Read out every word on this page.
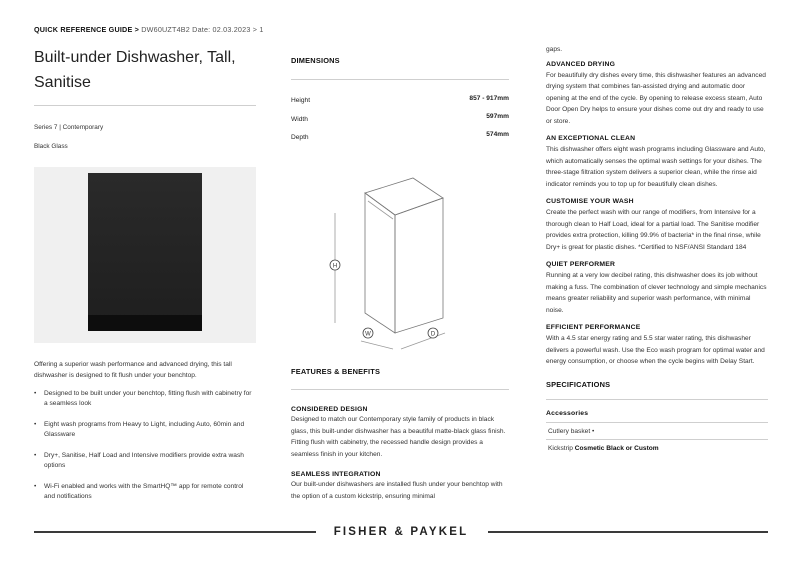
QUICK REFERENCE GUIDE > DW60UZT4B2 Date: 02.03.2023 > 1
Built-under Dishwasher, Tall, Sanitise
Series 7 | Contemporary
Black Glass
Offering a superior wash performance and advanced drying, this tall dishwasher is designed to fit flush under your benchtop.
• Designed to be built under your benchtop, fitting flush with cabinetry for a seamless look
• Eight wash programs from Heavy to Light, including Auto, 60min and Glassware
• Dry+, Sanitise, Half Load and Intensive modifiers provide extra wash options
• Wi-Fi enabled and works with the SmartHQ™ app for remote control and notifications
DIMENSIONS
Height	857 - 917mm
Width	597mm
Depth	574mm
H
W	D
FEATURES & BENEFITS
CONSIDERED DESIGN
Designed to match our Contemporary style family of products in black glass, this built-under dishwasher has a beautiful matte-black glass finish. Fitting flush with cabinetry, the recessed handle design provides a seamless finish in your kitchen.
SEAMLESS INTEGRATION
Our built-under dishwashers are installed flush under your benchtop with the option of a custom kickstrip, ensuring minimal
gaps.
ADVANCED DRYING
For beautifully dry dishes every time, this dishwasher features an advanced drying system that combines fan-assisted drying and automatic door opening at the end of the cycle. By opening to release excess steam, Auto Door Open Dry helps to ensure your dishes come out dry and ready to use or store.
AN EXCEPTIONAL CLEAN
This dishwasher offers eight wash programs including Glassware and Auto, which automatically senses the optimal wash settings for your dishes. The three-stage filtration system delivers a superior clean, while the rinse aid indicator reminds you to top up for beautifully clean dishes.
CUSTOMISE YOUR WASH
Create the perfect wash with our range of modifiers, from Intensive for a thorough clean to Half Load, ideal for a partial load. The Sanitise modifier provides extra protection, killing 99.9% of bacteria* in the final rinse, while Dry+ is great for plastic dishes. *Certified to NSF/ANSI Standard 184
QUIET PERFORMER
Running at a very low decibel rating, this dishwasher does its job without making a fuss. The combination of clever technology and simple mechanics means greater reliability and superior wash performance, with minimal noise.
EFFICIENT PERFORMANCE
With a 4.5 star energy rating and 5.5 star water rating, this dishwasher delivers a powerful wash. Use the Eco wash program for optimal water and energy consumption, or choose when the cycle begins with Delay Start.
SPECIFICATIONS
Accessories
Cutlery basket •
Kickstrip Cosmetic Black or Custom
FISHER & PAYKEL
